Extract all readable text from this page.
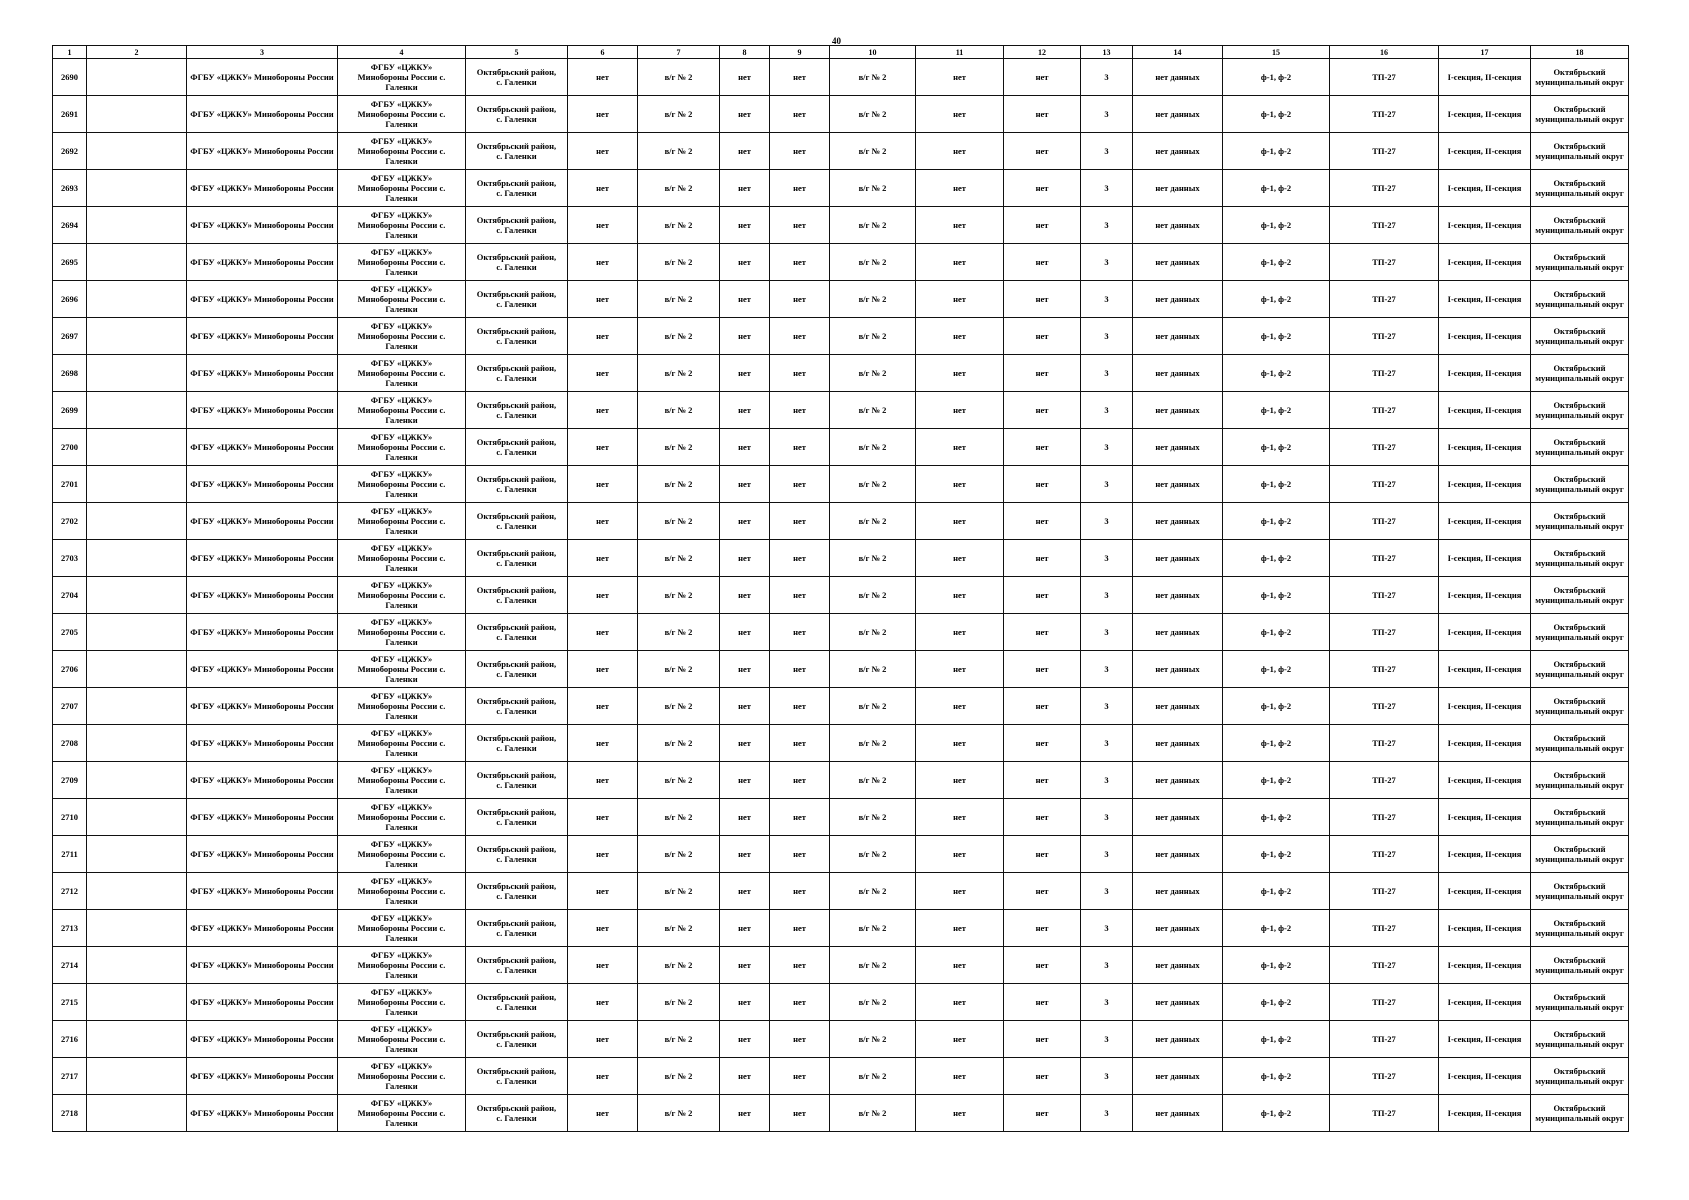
40
1	2	3	4	5	6	7	8	9	10	11	12	13	14	15	16	17	18
2690		ФГБУ «ЦЖКУ» Минобороны России	ФГБУ «ЦЖКУ»
Минобороны России с.
Галенки	Октябрьский район,
с. Галенки	нет	в/г № 2	нет	нет	в/г № 2	нет	нет	3	нет данных	ф-1, ф-2	ТП-27	I-секция, II-секция	Октябрьский
муниципальный округ
2691		ФГБУ «ЦЖКУ» Минобороны России	ФГБУ «ЦЖКУ»
Минобороны России с.
Галенки	Октябрьский район,
с. Галенки	нет	в/г № 2	нет	нет	в/г № 2	нет	нет	3	нет данных	ф-1, ф-2	ТП-27	I-секция, II-секция	Октябрьский
муниципальный округ
2692		ФГБУ «ЦЖКУ» Минобороны России	ФГБУ «ЦЖКУ»
Минобороны России с.
Галенки	Октябрьский район,
с. Галенки	нет	в/г № 2	нет	нет	в/г № 2	нет	нет	3	нет данных	ф-1, ф-2	ТП-27	I-секция, II-секция	Октябрьский
муниципальный округ
2693		ФГБУ «ЦЖКУ» Минобороны России	ФГБУ «ЦЖКУ»
Минобороны России с.
Галенки	Октябрьский район,
с. Галенки	нет	в/г № 2	нет	нет	в/г № 2	нет	нет	3	нет данных	ф-1, ф-2	ТП-27	I-секция, II-секция	Октябрьский
муниципальный округ
2694		ФГБУ «ЦЖКУ» Минобороны России	ФГБУ «ЦЖКУ»
Минобороны России с.
Галенки	Октябрьский район,
с. Галенки	нет	в/г № 2	нет	нет	в/г № 2	нет	нет	3	нет данных	ф-1, ф-2	ТП-27	I-секция, II-секция	Октябрьский
муниципальный округ
2695		ФГБУ «ЦЖКУ» Минобороны России	ФГБУ «ЦЖКУ»
Минобороны России с.
Галенки	Октябрьский район,
с. Галенки	нет	в/г № 2	нет	нет	в/г № 2	нет	нет	3	нет данных	ф-1, ф-2	ТП-27	I-секция, II-секция	Октябрьский
муниципальный округ
2696		ФГБУ «ЦЖКУ» Минобороны России	ФГБУ «ЦЖКУ»
Минобороны России с.
Галенки	Октябрьский район,
с. Галенки	нет	в/г № 2	нет	нет	в/г № 2	нет	нет	3	нет данных	ф-1, ф-2	ТП-27	I-секция, II-секция	Октябрьский
муниципальный округ
2697		ФГБУ «ЦЖКУ» Минобороны России	ФГБУ «ЦЖКУ»
Минобороны России с.
Галенки	Октябрьский район,
с. Галенки	нет	в/г № 2	нет	нет	в/г № 2	нет	нет	3	нет данных	ф-1, ф-2	ТП-27	I-секция, II-секция	Октябрьский
муниципальный округ
2698		ФГБУ «ЦЖКУ» Минобороны России	ФГБУ «ЦЖКУ»
Минобороны России с.
Галенки	Октябрьский район,
с. Галенки	нет	в/г № 2	нет	нет	в/г № 2	нет	нет	3	нет данных	ф-1, ф-2	ТП-27	I-секция, II-секция	Октябрьский
муниципальный округ
2699		ФГБУ «ЦЖКУ» Минобороны России	ФГБУ «ЦЖКУ»
Минобороны России с.
Галенки	Октябрьский район,
с. Галенки	нет	в/г № 2	нет	нет	в/г № 2	нет	нет	3	нет данных	ф-1, ф-2	ТП-27	I-секция, II-секция	Октябрьский
муниципальный округ
2700		ФГБУ «ЦЖКУ» Минобороны России	ФГБУ «ЦЖКУ»
Минобороны России с.
Галенки	Октябрьский район,
с. Галенки	нет	в/г № 2	нет	нет	в/г № 2	нет	нет	3	нет данных	ф-1, ф-2	ТП-27	I-секция, II-секция	Октябрьский
муниципальный округ
2701		ФГБУ «ЦЖКУ» Минобороны России	ФГБУ «ЦЖКУ»
Минобороны России с.
Галенки	Октябрьский район,
с. Галенки	нет	в/г № 2	нет	нет	в/г № 2	нет	нет	3	нет данных	ф-1, ф-2	ТП-27	I-секция, II-секция	Октябрьский
муниципальный округ
2702		ФГБУ «ЦЖКУ» Минобороны России	ФГБУ «ЦЖКУ»
Минобороны России с.
Галенки	Октябрьский район,
с. Галенки	нет	в/г № 2	нет	нет	в/г № 2	нет	нет	3	нет данных	ф-1, ф-2	ТП-27	I-секция, II-секция	Октябрьский
муниципальный округ
2703		ФГБУ «ЦЖКУ» Минобороны России	ФГБУ «ЦЖКУ»
Минобороны России с.
Галенки	Октябрьский район,
с. Галенки	нет	в/г № 2	нет	нет	в/г № 2	нет	нет	3	нет данных	ф-1, ф-2	ТП-27	I-секция, II-секция	Октябрьский
муниципальный округ
2704		ФГБУ «ЦЖКУ» Минобороны России	ФГБУ «ЦЖКУ»
Минобороны России с.
Галенки	Октябрьский район,
с. Галенки	нет	в/г № 2	нет	нет	в/г № 2	нет	нет	3	нет данных	ф-1, ф-2	ТП-27	I-секция, II-секция	Октябрьский
муниципальный округ
2705		ФГБУ «ЦЖКУ» Минобороны России	ФГБУ «ЦЖКУ»
Минобороны России с.
Галенки	Октябрьский район,
с. Галенки	нет	в/г № 2	нет	нет	в/г № 2	нет	нет	3	нет данных	ф-1, ф-2	ТП-27	I-секция, II-секция	Октябрьский
муниципальный округ
2706		ФГБУ «ЦЖКУ» Минобороны России	ФГБУ «ЦЖКУ»
Минобороны России с.
Галенки	Октябрьский район,
с. Галенки	нет	в/г № 2	нет	нет	в/г № 2	нет	нет	3	нет данных	ф-1, ф-2	ТП-27	I-секция, II-секция	Октябрьский
муниципальный округ
2707		ФГБУ «ЦЖКУ» Минобороны России	ФГБУ «ЦЖКУ»
Минобороны России с.
Галенки	Октябрьский район,
с. Галенки	нет	в/г № 2	нет	нет	в/г № 2	нет	нет	3	нет данных	ф-1, ф-2	ТП-27	I-секция, II-секция	Октябрьский
муниципальный округ
2708		ФГБУ «ЦЖКУ» Минобороны России	ФГБУ «ЦЖКУ»
Минобороны России с.
Галенки	Октябрьский район,
с. Галенки	нет	в/г № 2	нет	нет	в/г № 2	нет	нет	3	нет данных	ф-1, ф-2	ТП-27	I-секция, II-секция	Октябрьский
муниципальный округ
2709		ФГБУ «ЦЖКУ» Минобороны России	ФГБУ «ЦЖКУ»
Минобороны России с.
Галенки	Октябрьский район,
с. Галенки	нет	в/г № 2	нет	нет	в/г № 2	нет	нет	3	нет данных	ф-1, ф-2	ТП-27	I-секция, II-секция	Октябрьский
муниципальный округ
2710		ФГБУ «ЦЖКУ» Минобороны России	ФГБУ «ЦЖКУ»
Минобороны России с.
Галенки	Октябрьский район,
с. Галенки	нет	в/г № 2	нет	нет	в/г № 2	нет	нет	3	нет данных	ф-1, ф-2	ТП-27	I-секция, II-секция	Октябрьский
муниципальный округ
2711		ФГБУ «ЦЖКУ» Минобороны России	ФГБУ «ЦЖКУ»
Минобороны России с.
Галенки	Октябрьский район,
с. Галенки	нет	в/г № 2	нет	нет	в/г № 2	нет	нет	3	нет данных	ф-1, ф-2	ТП-27	I-секция, II-секция	Октябрьский
муниципальный округ
2712		ФГБУ «ЦЖКУ» Минобороны России	ФГБУ «ЦЖКУ»
Минобороны России с.
Галенки	Октябрьский район,
с. Галенки	нет	в/г № 2	нет	нет	в/г № 2	нет	нет	3	нет данных	ф-1, ф-2	ТП-27	I-секция, II-секция	Октябрьский
муниципальный округ
2713		ФГБУ «ЦЖКУ» Минобороны России	ФГБУ «ЦЖКУ»
Минобороны России с.
Галенки	Октябрьский район,
с. Галенки	нет	в/г № 2	нет	нет	в/г № 2	нет	нет	3	нет данных	ф-1, ф-2	ТП-27	I-секция, II-секция	Октябрьский
муниципальный округ
2714		ФГБУ «ЦЖКУ» Минобороны России	ФГБУ «ЦЖКУ»
Минобороны России с.
Галенки	Октябрьский район,
с. Галенки	нет	в/г № 2	нет	нет	в/г № 2	нет	нет	3	нет данных	ф-1, ф-2	ТП-27	I-секция, II-секция	Октябрьский
муниципальный округ
2715		ФГБУ «ЦЖКУ» Минобороны России	ФГБУ «ЦЖКУ»
Минобороны России с.
Галенки	Октябрьский район,
с. Галенки	нет	в/г № 2	нет	нет	в/г № 2	нет	нет	3	нет данных	ф-1, ф-2	ТП-27	I-секция, II-секция	Октябрьский
муниципальный округ
2716		ФГБУ «ЦЖКУ» Минобороны России	ФГБУ «ЦЖКУ»
Минобороны России с.
Галенки	Октябрьский район,
с. Галенки	нет	в/г № 2	нет	нет	в/г № 2	нет	нет	3	нет данных	ф-1, ф-2	ТП-27	I-секция, II-секция	Октябрьский
муниципальный округ
2717		ФГБУ «ЦЖКУ» Минобороны России	ФГБУ «ЦЖКУ»
Минобороны России с.
Галенки	Октябрьский район,
с. Галенки	нет	в/г № 2	нет	нет	в/г № 2	нет	нет	3	нет данных	ф-1, ф-2	ТП-27	I-секция, II-секция	Октябрьский
муниципальный округ
2718		ФГБУ «ЦЖКУ» Минобороны России	ФГБУ «ЦЖКУ»
Минобороны России с.
Галенки	Октябрьский район,
с. Галенки	нет	в/г № 2	нет	нет	в/г № 2	нет	нет	3	нет данных	ф-1, ф-2	ТП-27	I-секция, II-секция	Октябрьский
муниципальный округ
